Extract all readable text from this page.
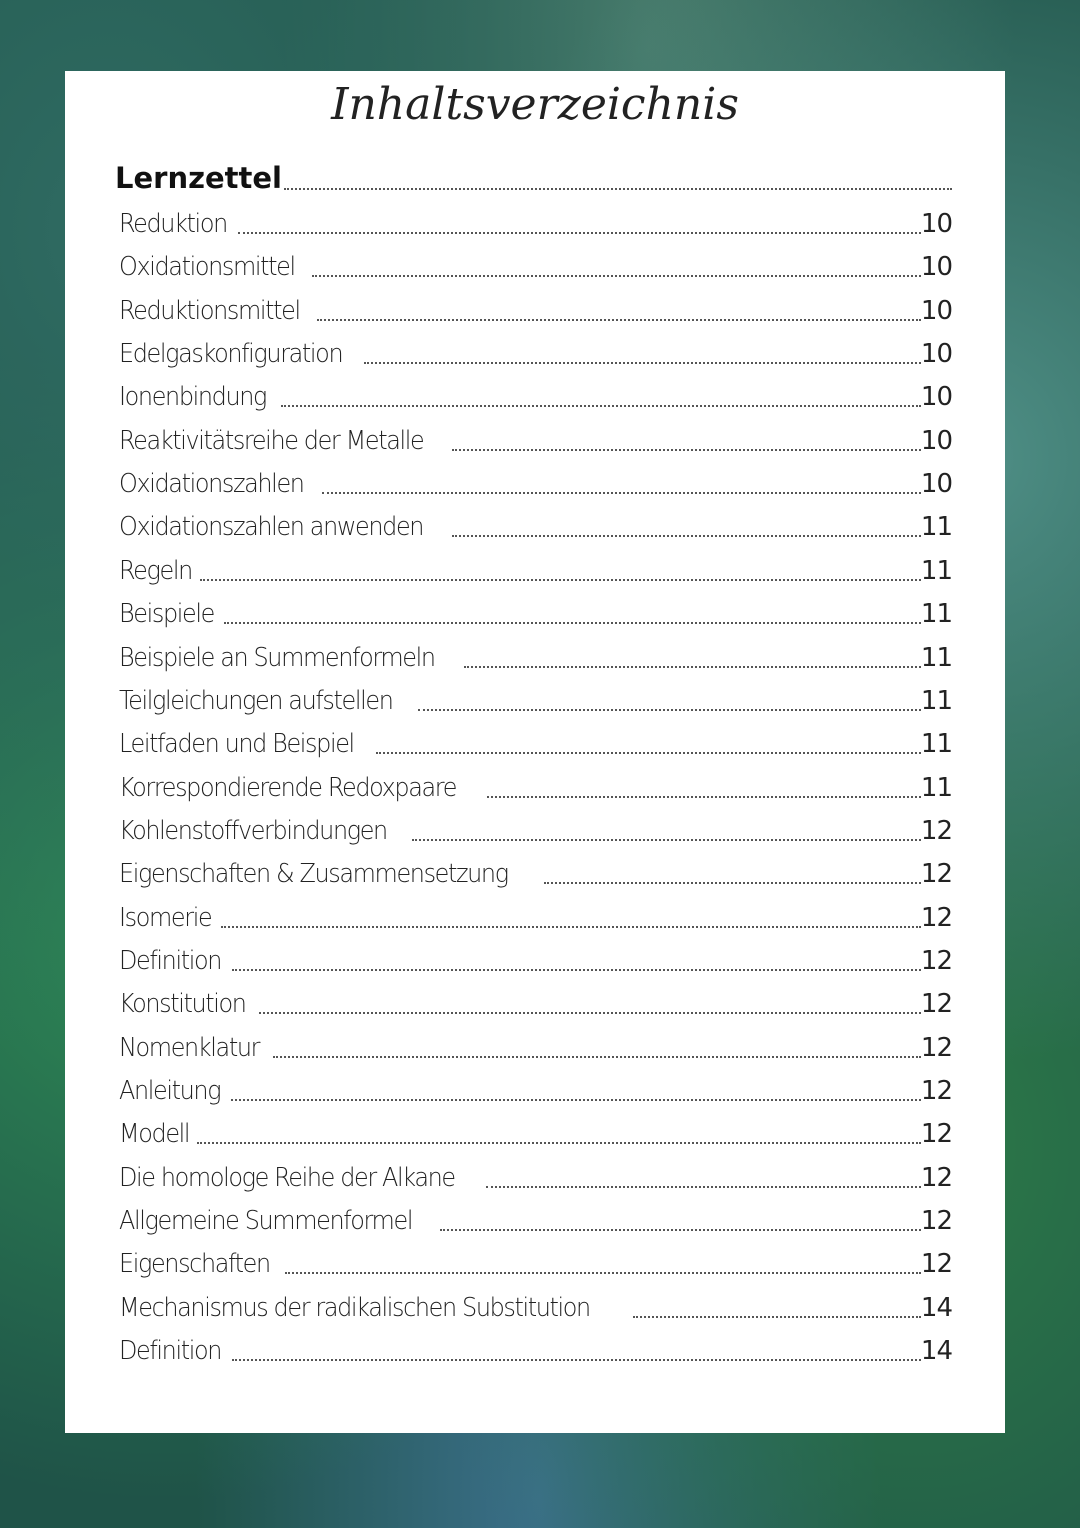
Inhaltsverzeichnis
Lernzettel
Reduktion	10
Oxidationsmittel	10
Reduktionsmittel	10
Edelgaskonfiguration	10
Ionenbindung	10
Reaktivitätsreihe der Metalle	10
Oxidationszahlen	10
Oxidationszahlen anwenden	11
Regeln	11
Beispiele	11
Beispiele an Summenformeln	11
Teilgleichungen aufstellen	11
Leitfaden und Beispiel	11
Korrespondierende Redoxpaare	11
Kohlenstoffverbindungen	12
Eigenschaften & Zusammensetzung	12
Isomerie	12
Definition	12
Konstitution	12
Nomenklatur	12
Anleitung	12
Modell	12
Die homologe Reihe der Alkane	12
Allgemeine Summenformel	12
Eigenschaften	12
Mechanismus der radikalischen Substitution	14
Definition	14
